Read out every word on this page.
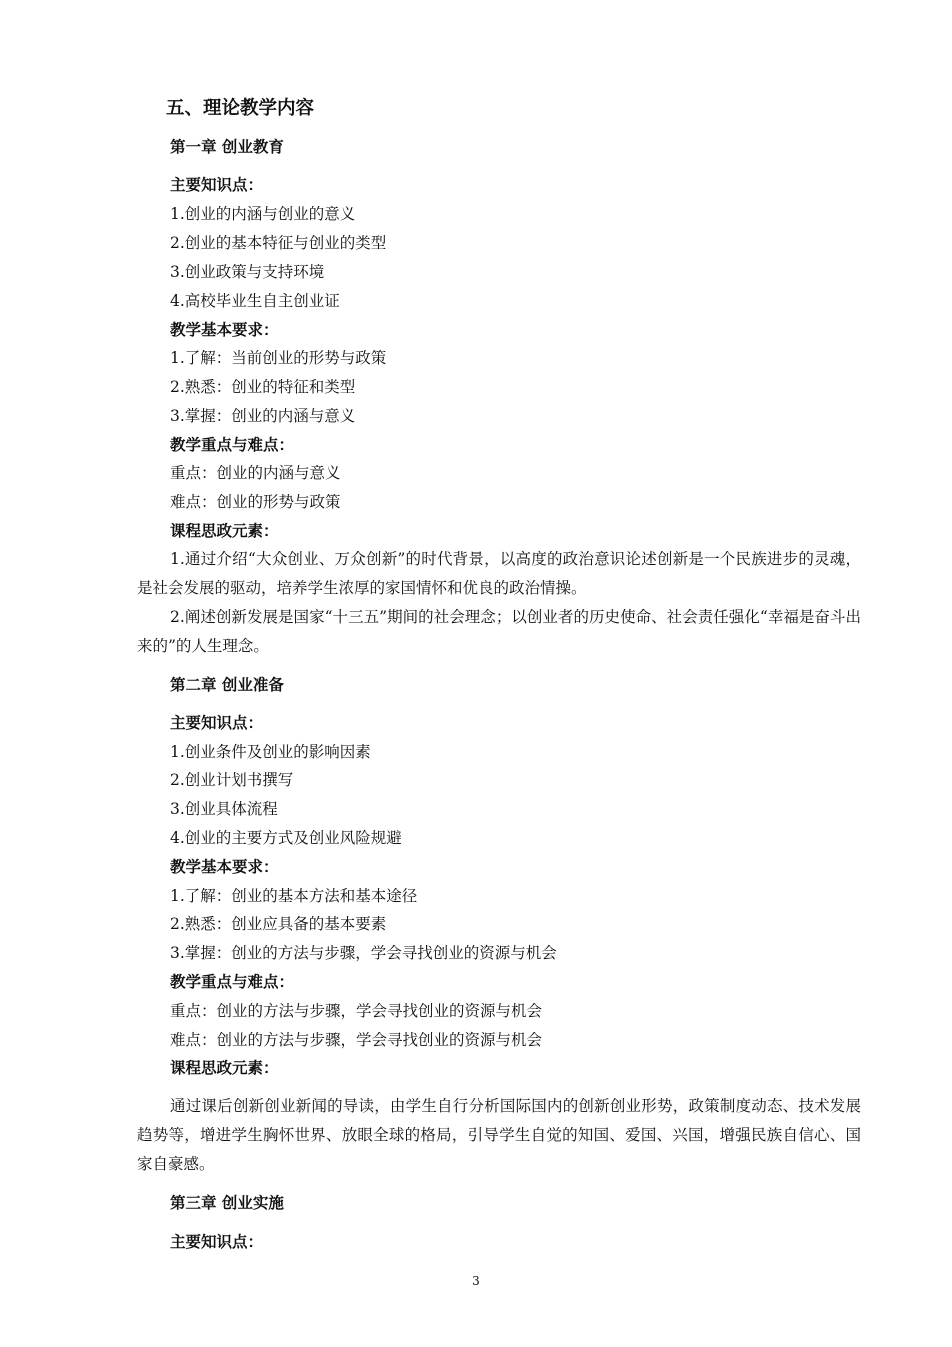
五、理论教学内容
第一章 创业教育
主要知识点：
1.创业的内涵与创业的意义
2.创业的基本特征与创业的类型
3.创业政策与支持环境
4.高校毕业生自主创业证
教学基本要求：
1.了解：当前创业的形势与政策
2.熟悉：创业的特征和类型
3.掌握：创业的内涵与意义
教学重点与难点：
重点：创业的内涵与意义
难点：创业的形势与政策
课程思政元素：
1.通过介绍“大众创业、万众创新”的时代背景，以高度的政治意识论述创新是一个民族进步的灵魂，是社会发展的驱动，培养学生浓厚的家国情怀和优良的政治情操。
2.阐述创新发展是国家“十三五”期间的社会理念；以创业者的历史使命、社会责任强化“幸福是奋斗出来的”的人生理念。
第二章 创业准备
主要知识点：
1.创业条件及创业的影响因素
2.创业计划书撰写
3.创业具体流程
4.创业的主要方式及创业风险规避
教学基本要求：
1.了解：创业的基本方法和基本途径
2.熟悉：创业应具备的基本要素
3.掌握：创业的方法与步骤，学会寻找创业的资源与机会
教学重点与难点：
重点：创业的方法与步骤，学会寻找创业的资源与机会
难点：创业的方法与步骤，学会寻找创业的资源与机会
课程思政元素：
通过课后创新创业新闻的导读，由学生自行分析国际国内的创新创业形势，政策制度动态、技术发展趋势等，增进学生胸怀世界、放眼全球的格局，引导学生自觉的知国、爱国、兴国，增强民族自信心、国家自豪感。
第三章 创业实施
主要知识点：
3
